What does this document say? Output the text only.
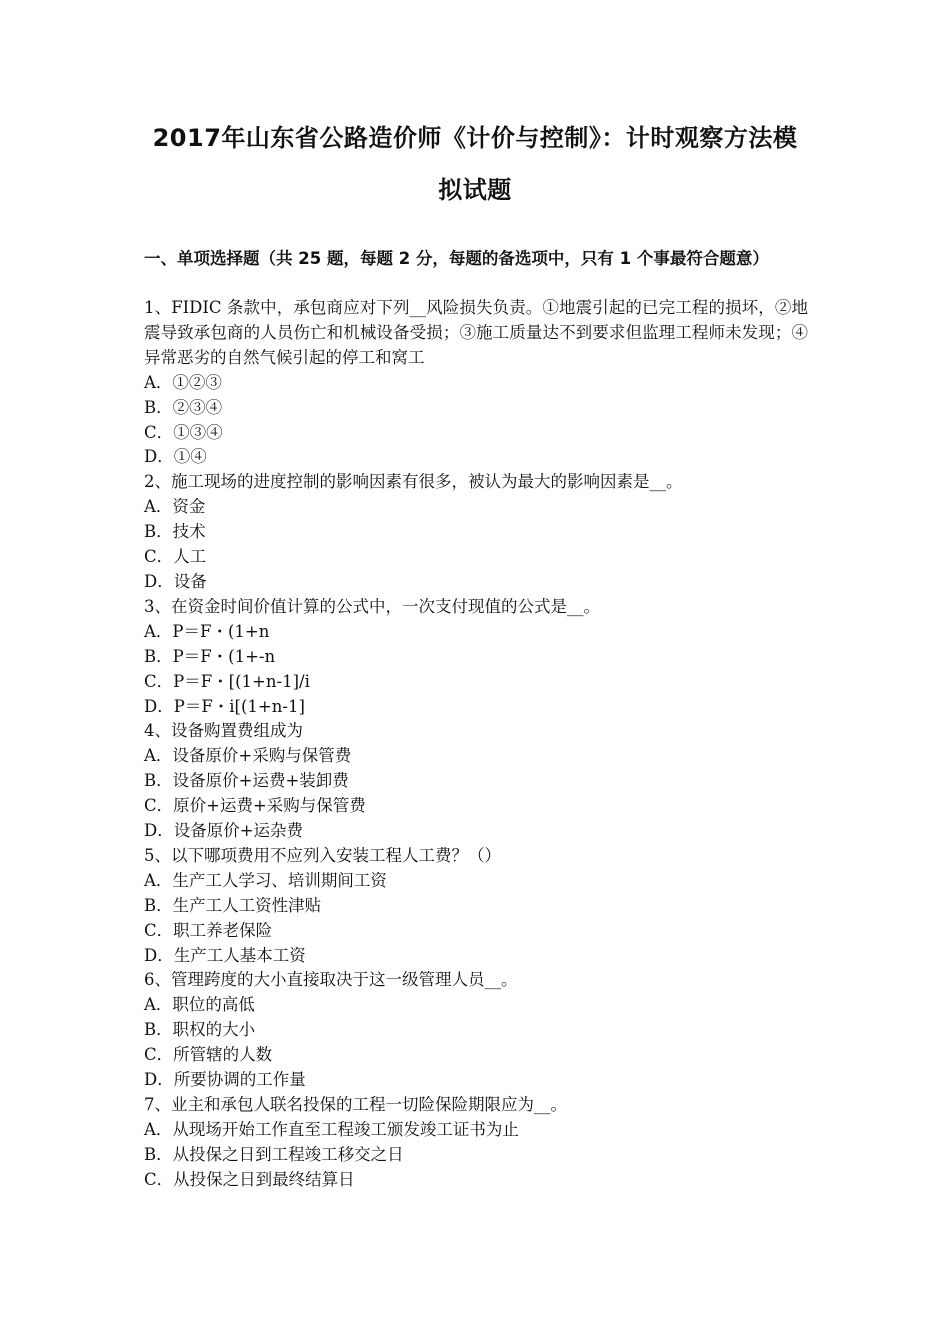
2017年山东省公路造价师《计价与控制》：计时观察方法模
拟试题
一、单项选择题（共 25 题，每题 2 分，每题的备选项中，只有 1 个事最符合题意）

1、FIDIC 条款中，承包商应对下列__风险损失负责。①地震引起的已完工程的损坏，②地震导致承包商的人员伤亡和机械设备受损；③施工质量达不到要求但监理工程师未发现；④异常恶劣的自然气候引起的停工和窝工

A．①②③

B．②③④

C．①③④

D．①④

2、施工现场的进度控制的影响因素有很多，被认为最大的影响因素是__。

A．资金

B．技术

C．人工

D．设备

3、在资金时间价值计算的公式中，一次支付现值的公式是__。

A．P＝F・(1+n

B．P＝F・(1+-n

C．P＝F・[(1+n-1]/i

D．P＝F・i[(1+n-1]

4、设备购置费组成为

A．设备原价+采购与保管费

B．设备原价+运费+装卸费

C．原价+运费+采购与保管费

D．设备原价+运杂费

5、以下哪项费用不应列入安装工程人工费？（）

A．生产工人学习、培训期间工资

B．生产工人工资性津贴

C．职工养老保险

D．生产工人基本工资

6、管理跨度的大小直接取决于这一级管理人员__。

A．职位的高低

B．职权的大小

C．所管辖的人数

D．所要协调的工作量

7、业主和承包人联名投保的工程一切险保险期限应为__。

A．从现场开始工作直至工程竣工颁发竣工证书为止

B．从投保之日到工程竣工移交之日

C．从投保之日到最终结算日
